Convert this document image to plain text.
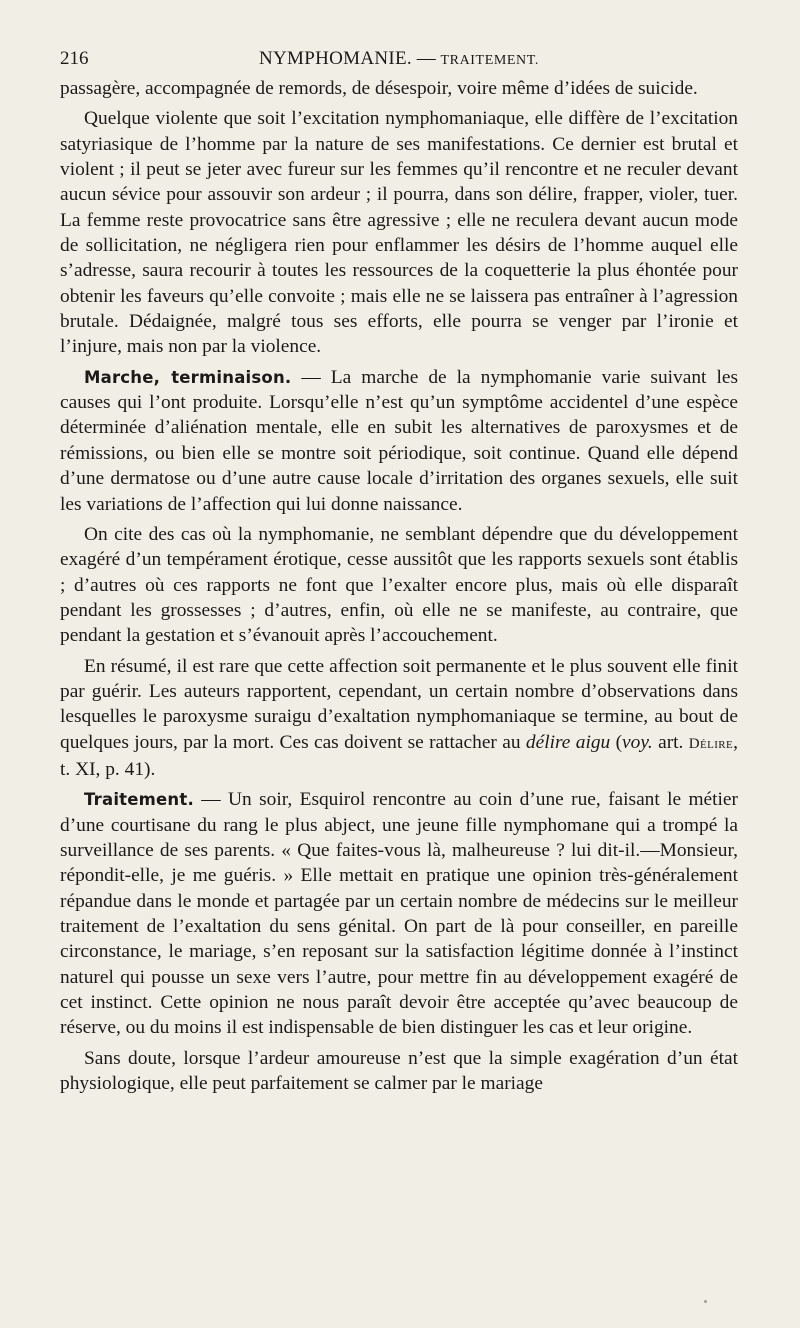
216	NYMPHOMANIE. — TRAITEMENT.

passagère, accompagnée de remords, de désespoir, voire même d’idées de suicide.

Quelque violente que soit l’excitation nymphomaniaque, elle diffère de l’excitation satyriasique de l’homme par la nature de ses manifestations. Ce dernier est brutal et violent ; il peut se jeter avec fureur sur les femmes qu’il rencontre et ne reculer devant aucun sévice pour assouvir son ardeur ; il pourra, dans son délire, frapper, violer, tuer. La femme reste provocatrice sans être agressive ; elle ne reculera devant aucun mode de sollicitation, ne négligera rien pour enflammer les désirs de l’homme auquel elle s’adresse, saura recourir à toutes les ressources de la coquetterie la plus éhontée pour obtenir les faveurs qu’elle convoite ; mais elle ne se laissera pas entraîner à l’agression brutale. Dédaignée, malgré tous ses efforts, elle pourra se venger par l’ironie et l’injure, mais non par la violence.

Marche, terminaison. — La marche de la nymphomanie varie suivant les causes qui l’ont produite. Lorsqu’elle n’est qu’un symptôme accidentel d’une espèce déterminée d’aliénation mentale, elle en subit les alternatives de paroxysmes et de rémissions, ou bien elle se montre soit périodique, soit continue. Quand elle dépend d’une dermatose ou d’une autre cause locale d’irritation des organes sexuels, elle suit les variations de l’affection qui lui donne naissance.

On cite des cas où la nymphomanie, ne semblant dépendre que du développement exagéré d’un tempérament érotique, cesse aussitôt que les rapports sexuels sont établis ; d’autres où ces rapports ne font que l’exalter encore plus, mais où elle disparaît pendant les grossesses ; d’autres, enfin, où elle ne se manifeste, au contraire, que pendant la gestation et s’évanouit après l’accouchement.

En résumé, il est rare que cette affection soit permanente et le plus souvent elle finit par guérir. Les auteurs rapportent, cependant, un certain nombre d’observations dans lesquelles le paroxysme suraigu d’exaltation nymphomaniaque se termine, au bout de quelques jours, par la mort. Ces cas doivent se rattacher au délire aigu (voy. art. Délire, t. XI, p. 41).

Traitement. — Un soir, Esquirol rencontre au coin d’une rue, faisant le métier d’une courtisane du rang le plus abject, une jeune fille nymphomane qui a trompé la surveillance de ses parents. « Que faites-vous là, malheureuse ? lui dit-il.—Monsieur, répondit-elle, je me guéris. » Elle mettait en pratique une opinion très-généralement répandue dans le monde et partagée par un certain nombre de médecins sur le meilleur traitement de l’exaltation du sens génital. On part de là pour conseiller, en pareille circonstance, le mariage, s’en reposant sur la satisfaction légitime donnée à l’instinct naturel qui pousse un sexe vers l’autre, pour mettre fin au développement exagéré de cet instinct. Cette opinion ne nous paraît devoir être acceptée qu’avec beaucoup de réserve, ou du moins il est indispensable de bien distinguer les cas et leur origine.

Sans doute, lorsque l’ardeur amoureuse n’est que la simple exagération d’un état physiologique, elle peut parfaitement se calmer par le mariage
